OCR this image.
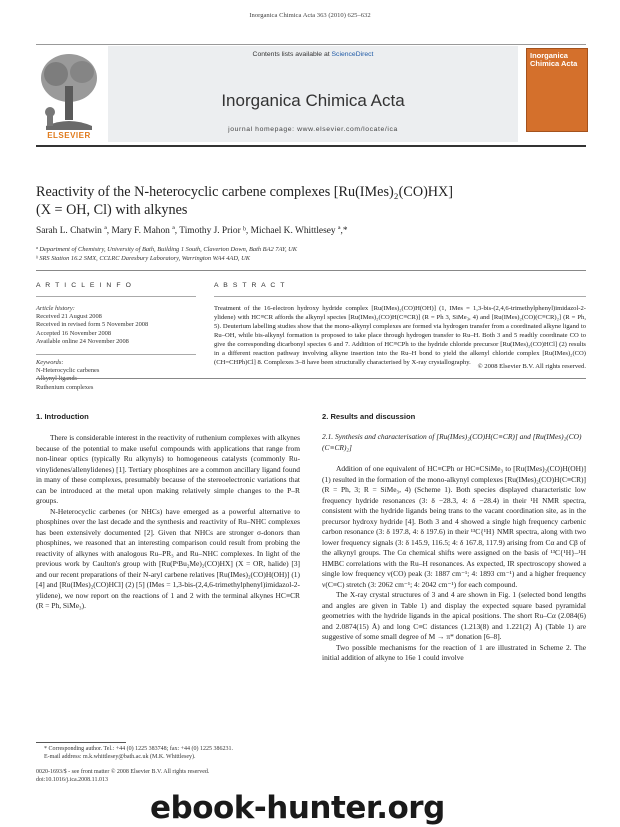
Inorganica Chimica Acta 363 (2010) 625–632
ELSEVIER
Contents lists available at ScienceDirect
Inorganica Chimica Acta
journal homepage: www.elsevier.com/locate/ica
Inorganica Chimica Acta
Reactivity of the N-heterocyclic carbene complexes [Ru(IMes)₂(CO)HX]
(X = OH, Cl) with alkynes
Sarah L. Chatwin ª, Mary F. Mahon ª, Timothy J. Prior ᵇ, Michael K. Whittlesey ª,*
ª Department of Chemistry, University of Bath, Building 1 South, Claverton Down, Bath BA2 7AY, UK
ᵇ SRS Station 16.2 SMX, CCLRC Daresbury Laboratory, Warrington WA4 4AD, UK
A R T I C L E I N F O	A B S T R A C T
Article history:
Received 21 August 2008
Received in revised form 5 November 2008
Accepted 16 November 2008
Available online 24 November 2008
Keywords:
N-Heterocyclic carbenes
Ruthenium complexes
Treatment of the 16-electron hydroxy hydride complex [Ru(IMes)₂(CO)H(OH)] (1, IMes = 1,3-bis-(2,4,6-trimethylphenyl)imidazol-2-ylidene) with HC≡CR affords the alkynyl species [Ru(IMes)₂(CO)H(C≡CR)] (R = Ph 3, SiMe₃, 4) and [Ru(IMes)₂(CO)(C≡CR)₂] (R = Ph, 5). Deuterium labelling studies show that the mono-alkynyl complexes are formed via hydrogen transfer from a coordinated alkyne ligand to Ru–OH, while bis-alkynyl formation is proposed to take place through hydrogen transfer to Ru–H. Both 3 and 5 readily coordinate CO to give the corresponding dicarbonyl species 6 and 7. Addition of HC≡CPh to the hydride chloride precursor [Ru(IMes)₂(CO)HCl] (2) results in a different reaction pathway involving alkyne insertion into the Ru–H bond to yield the alkenyl chloride complex [Ru(IMes)₂(CO)(CH=CHPh)Cl] 8. Complexes 3–8 have been structurally characterised by X-ray crystallography.
© 2008 Elsevier B.V. All rights reserved.
1. Introduction

There is considerable interest in the reactivity of ruthenium complexes with alkynes because of the potential to make useful compounds with applications that range from non-linear optics (typically Ru alkynyls) to homogeneous catalysts (commonly Ru-vinylidenes/allenylidenes) [1]. Tertiary phosphines are a common ancillary ligand found in many of these complexes, presumably because of the stereoelectronic variations that can be introduced at the metal upon making relatively simple changes to the P–R groups.

N-Heterocyclic carbenes (or NHCs) have emerged as a powerful alternative to phosphines over the last decade and the synthesis and reactivity of Ru–NHC complexes has been extensively documented [2]. Given that NHCs are stronger σ-donors than phosphines, we reasoned that an interesting comparison could result from probing the reactivity of alkynes with analogous Ru–PR₃ and Ru–NHC complexes. In light of the previous work by Caulton's group with [Ru(PᵗBu₂Me)₂(CO)HX] (X = OR, halide) [3] and our recent preparations of their N-aryl carbene relatives [Ru(IMes)₂(CO)H(OH)] (1) [4] and [Ru(IMes)₂(CO)HCl] (2) [5] (IMes = 1,3-bis-(2,4,6-trimethylphenyl)imidazol-2-ylidene), we now report on the reactions of 1 and 2 with the terminal alkynes HC≡CR (R = Ph, SiMe₃).

2. Results and discussion
2.1. Synthesis and characterisation of [Ru(IMes)₂(CO)H(C≡CR)] and [Ru(IMes)₂(CO)(C≡CR)₂]

Addition of one equivalent of HC≡CPh or HC≡CSiMe₃ to [Ru(IMes)₂(CO)H(OH)] (1) resulted in the formation of the mono-alkynyl complexes [Ru(IMes)₂(CO)H(C≡CR)] (R = Ph, 3; R = SiMe₃, 4) (Scheme 1). Both species displayed characteristic low frequency hydride resonances (3: δ −28.3, 4: δ −28.4) in their ¹H NMR spectra, consistent with the hydride ligands being trans to the vacant coordination site, as in the precursor hydroxy hydride [4]. Both 3 and 4 showed a single high frequency carbenic carbon resonance (3: δ 197.8, 4: δ 197.6) in their ¹³C{¹H} NMR spectra, along with two lower frequency signals (3: δ 145.9, 116.5; 4: δ 167.8, 117.9) arising from Cα and Cβ of the alkynyl groups. The Cα chemical shifts were assigned on the basis of ¹³C{¹H}–¹H HMBC correlations with the Ru–H resonances. As expected, IR spectroscopy showed a single low frequency ν(CO) peak (3: 1887 cm⁻¹; 4: 1893 cm⁻¹) and a higher frequency ν(C≡C) stretch (3: 2062 cm⁻¹; 4: 2042 cm⁻¹) for each compound.

The X-ray crystal structures of 3 and 4 are shown in Fig. 1 (selected bond lengths and angles are given in Table 1) and display the expected square based pyramidal geometries with the hydride ligands in the apical positions. The short Ru–Cα (2.084(6) and 2.0874(15) Å) and long C≡C distances (1.213(8) and 1.221(2) Å) (Table 1) are suggestive of some small degree of M → π* donation [6–8].

Two possible mechanisms for the reaction of 1 are illustrated in Scheme 2. The initial addition of alkyne to 16e 1 could involve

* Corresponding author. Tel.: +44 (0) 1225 383748; fax: +44 (0) 1225 386231.
E-mail address: m.k.whittlesey@bath.ac.uk (M.K. Whittlesey).
0020-1693/$ - see front matter © 2008 Elsevier B.V. All rights reserved.
doi:10.1016/j.ica.2008.11.013
ebook-hunter.org
